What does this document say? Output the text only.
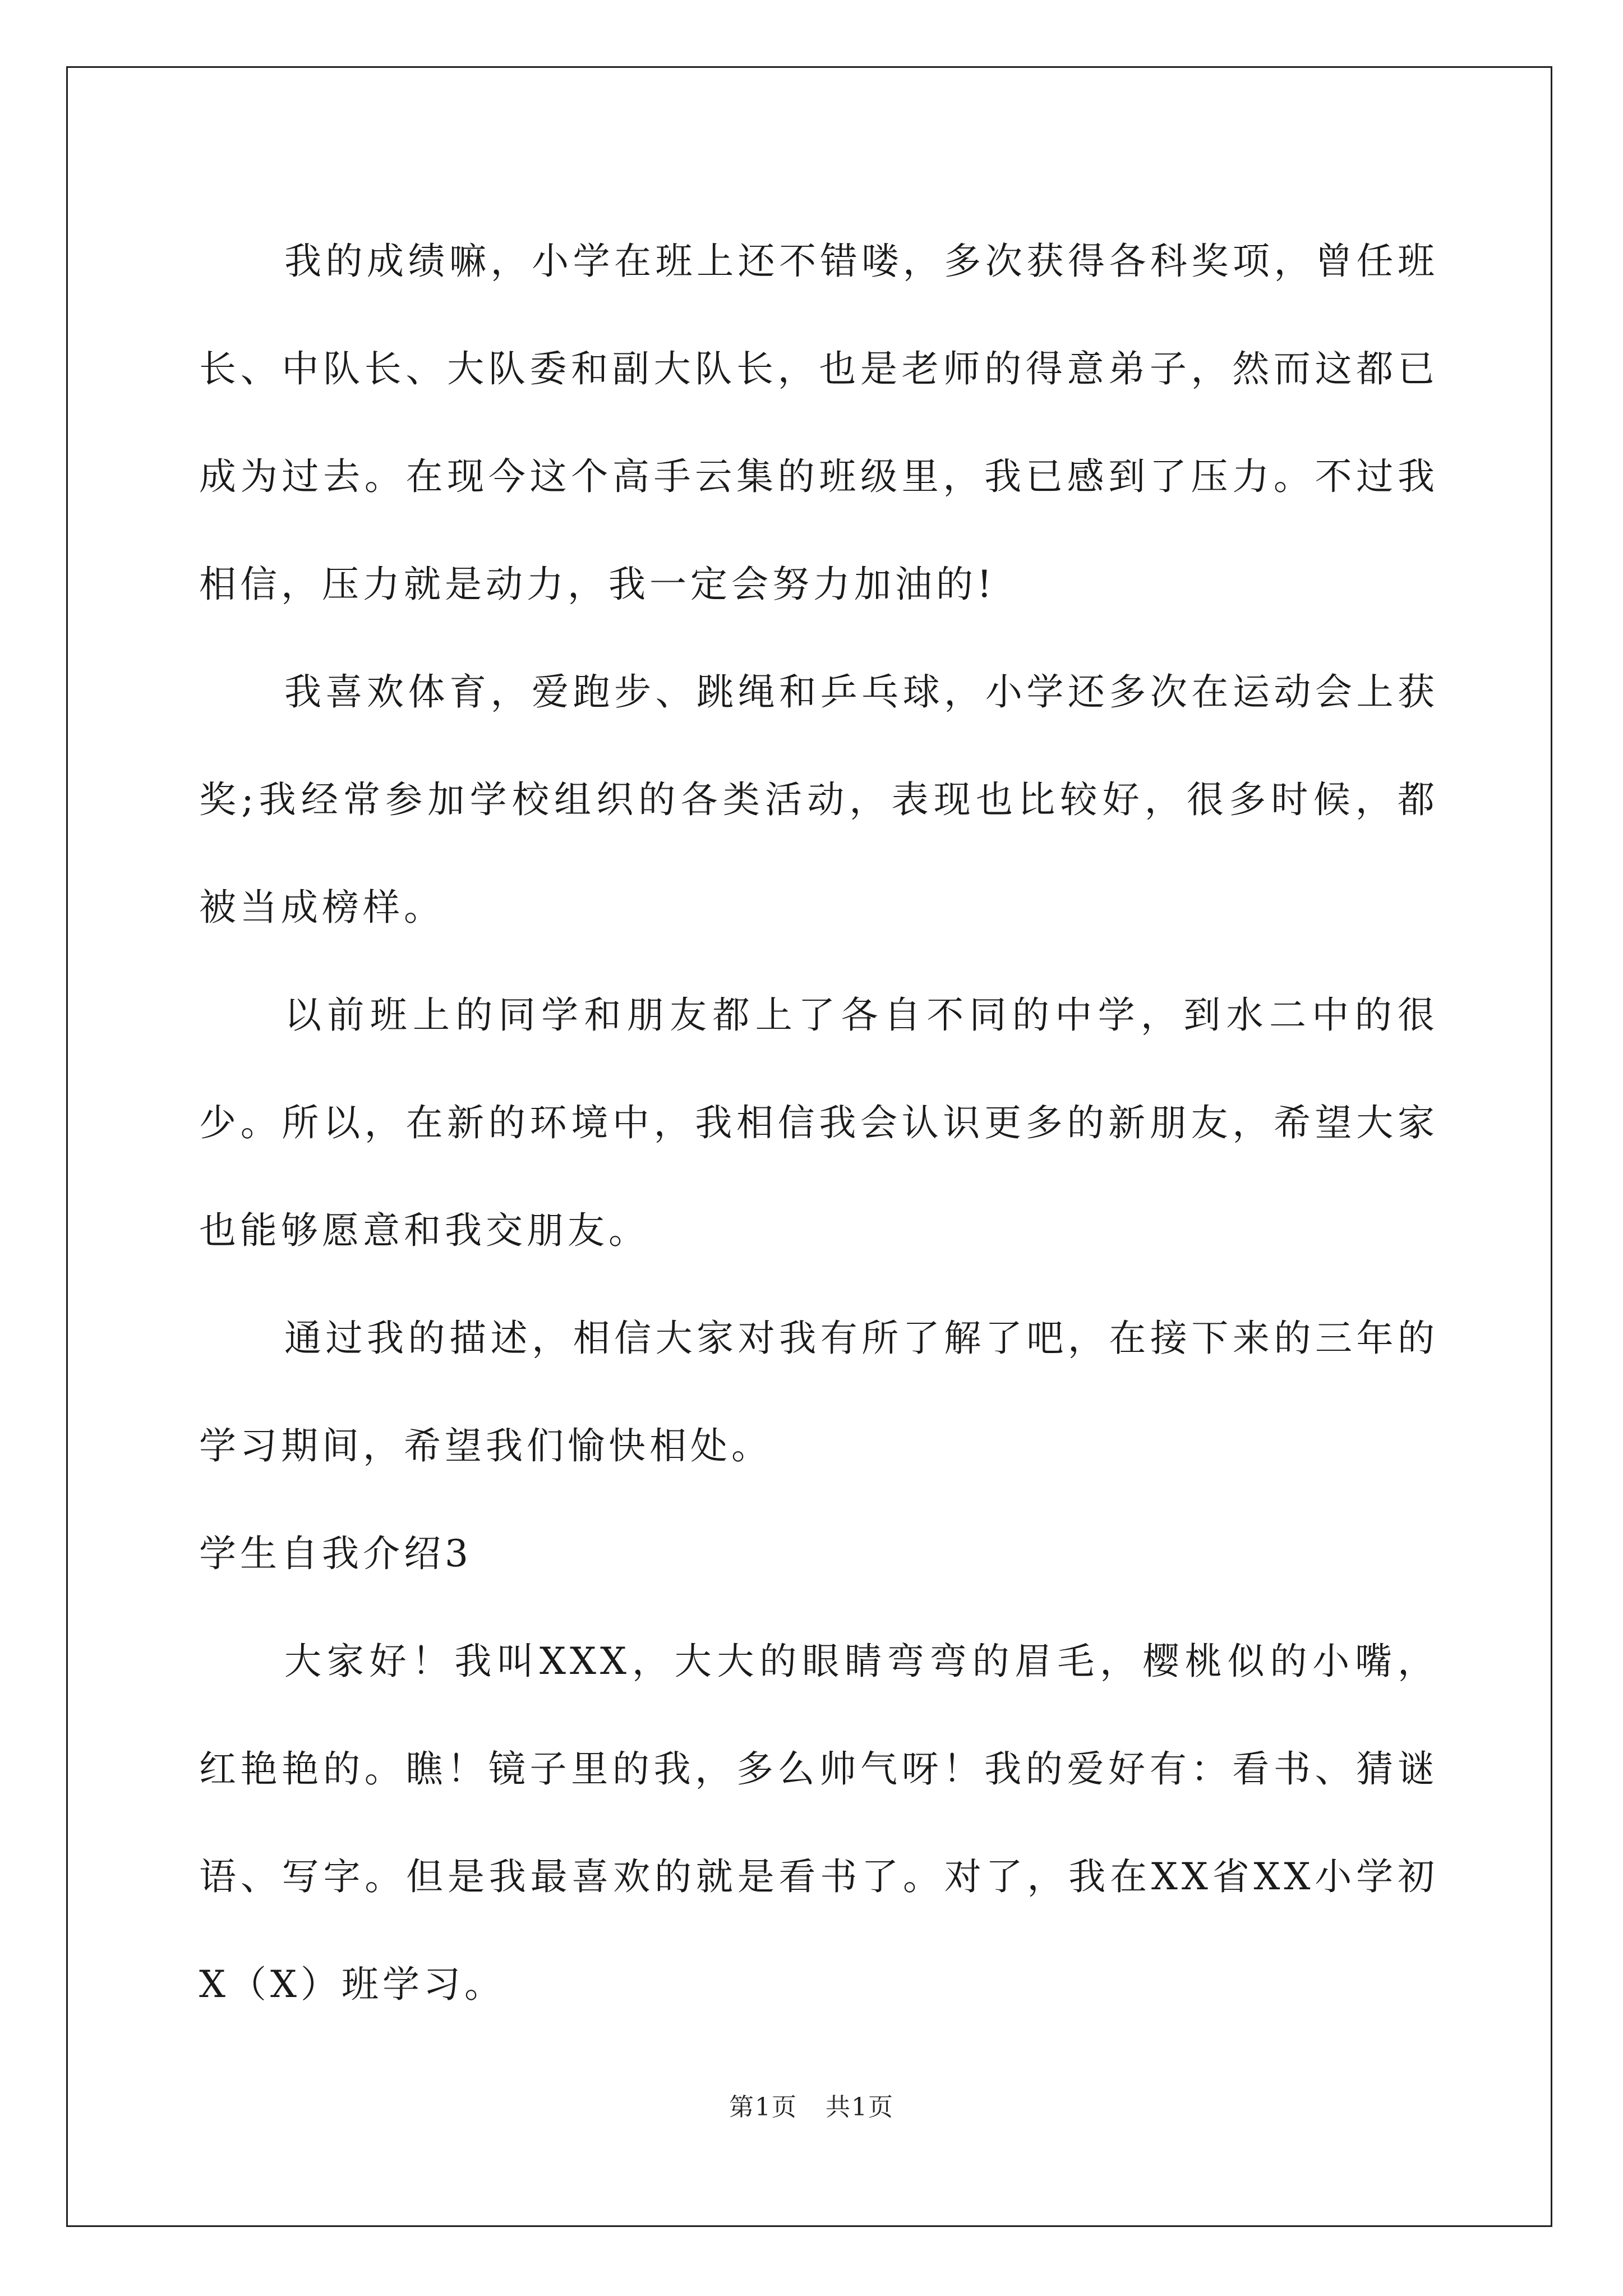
我的成绩嘛，小学在班上还不错喽，多次获得各科奖项，曾任班长、中队长、大队委和副大队长，也是老师的得意弟子，然而这都已成为过去。在现今这个高手云集的班级里，我已感到了压力。不过我相信，压力就是动力，我一定会努力加油的!

我喜欢体育，爱跑步、跳绳和乒乓球，小学还多次在运动会上获奖;我经常参加学校组织的各类活动，表现也比较好，很多时候，都被当成榜样。

以前班上的同学和朋友都上了各自不同的中学，到水二中的很少。所以，在新的环境中，我相信我会认识更多的新朋友，希望大家也能够愿意和我交朋友。

通过我的描述，相信大家对我有所了解了吧，在接下来的三年的学习期间，希望我们愉快相处。

学生自我介绍3

大家好！我叫XXX，大大的眼睛弯弯的眉毛，樱桃似的小嘴，红艳艳的。瞧！镜子里的我，多么帅气呀！我的爱好有：看书、猜谜语、写字。但是我最喜欢的就是看书了。对了，我在XX省XX小学初X（X）班学习。

第1页 共1页
